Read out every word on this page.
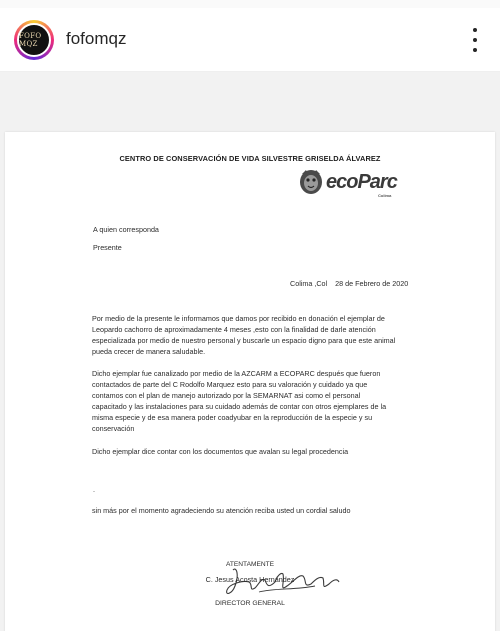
FOFO MQZ	fofomqz
CENTRO DE CONSERVACIÓN DE VIDA SILVESTRE GRISELDA ÁLVAREZ
ecoParc
Colima
A quien corresponda
Presente
Colima ,Col    28 de Febrero de 2020
Por medio de la presente le informamos que damos por recibido en donación el ejemplar de
Leopardo cachorro de aproximadamente 4 meses ,esto con la finalidad de darle atención
especializada por medio de nuestro personal y buscarle un espacio digno para que este animal
pueda crecer de manera saludable.
Dicho ejemplar fue canalizado por medio de la AZCARM a ECOPARC después que fueron
contactados de parte del C Rodolfo Marquez esto para su valoración y cuidado ya que
contamos con el plan de manejo autorizado por la SEMARNAT asi como el personal
capacitado y las instalaciones para su cuidado además de contar con otros ejemplares de la
misma especie y de esa manera poder coadyubar en la reproducción de la especie y su
conservación
Dicho ejemplar dice contar con los documentos que avalan su legal procedencia
.
sin más por el momento agradeciendo su atención reciba usted un cordial saludo
ATENTAMENTE
C. Jesus Acosta Hernández
DIRECTOR GENERAL
